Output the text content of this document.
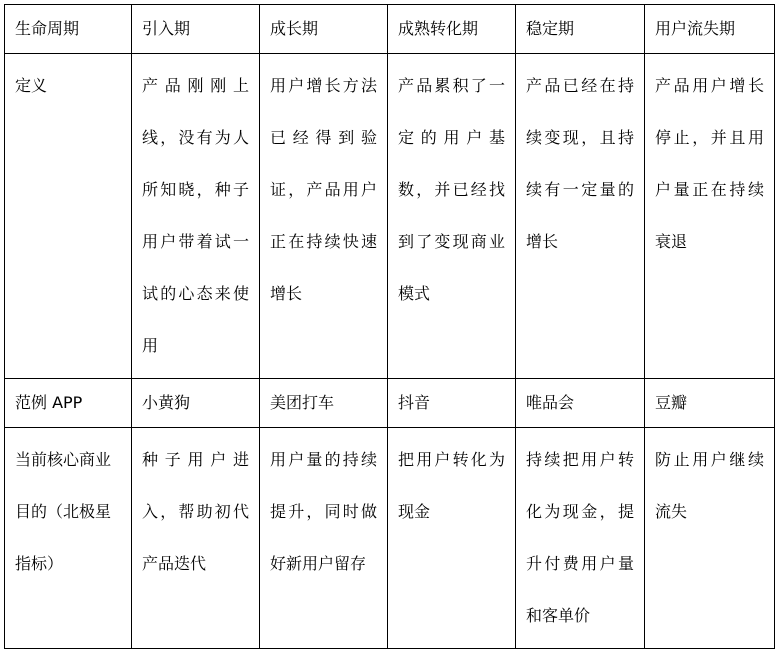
生命周期	引入期	成长期	成熟转化期	稳定期	用户流失期
定义	产品刚刚上线，没有为人所知晓，种子用户带着试一试的心态来使用	用户增长方法已经得到验证，产品用户正在持续快速增长	产品累积了一定的用户基数，并已经找到了变现商业模式	产品已经在持续变现，且持续有一定量的增长	产品用户增长停止，并且用户量正在持续衰退
范例 APP	小黄狗	美团打车	抖音	唯品会	豆瓣
当前核心商业目的（北极星指标）	种子用户进入，帮助初代产品迭代	用户量的持续提升，同时做好新用户留存	把用户转化为现金	持续把用户转化为现金，提升付费用户量和客单价	防止用户继续流失
